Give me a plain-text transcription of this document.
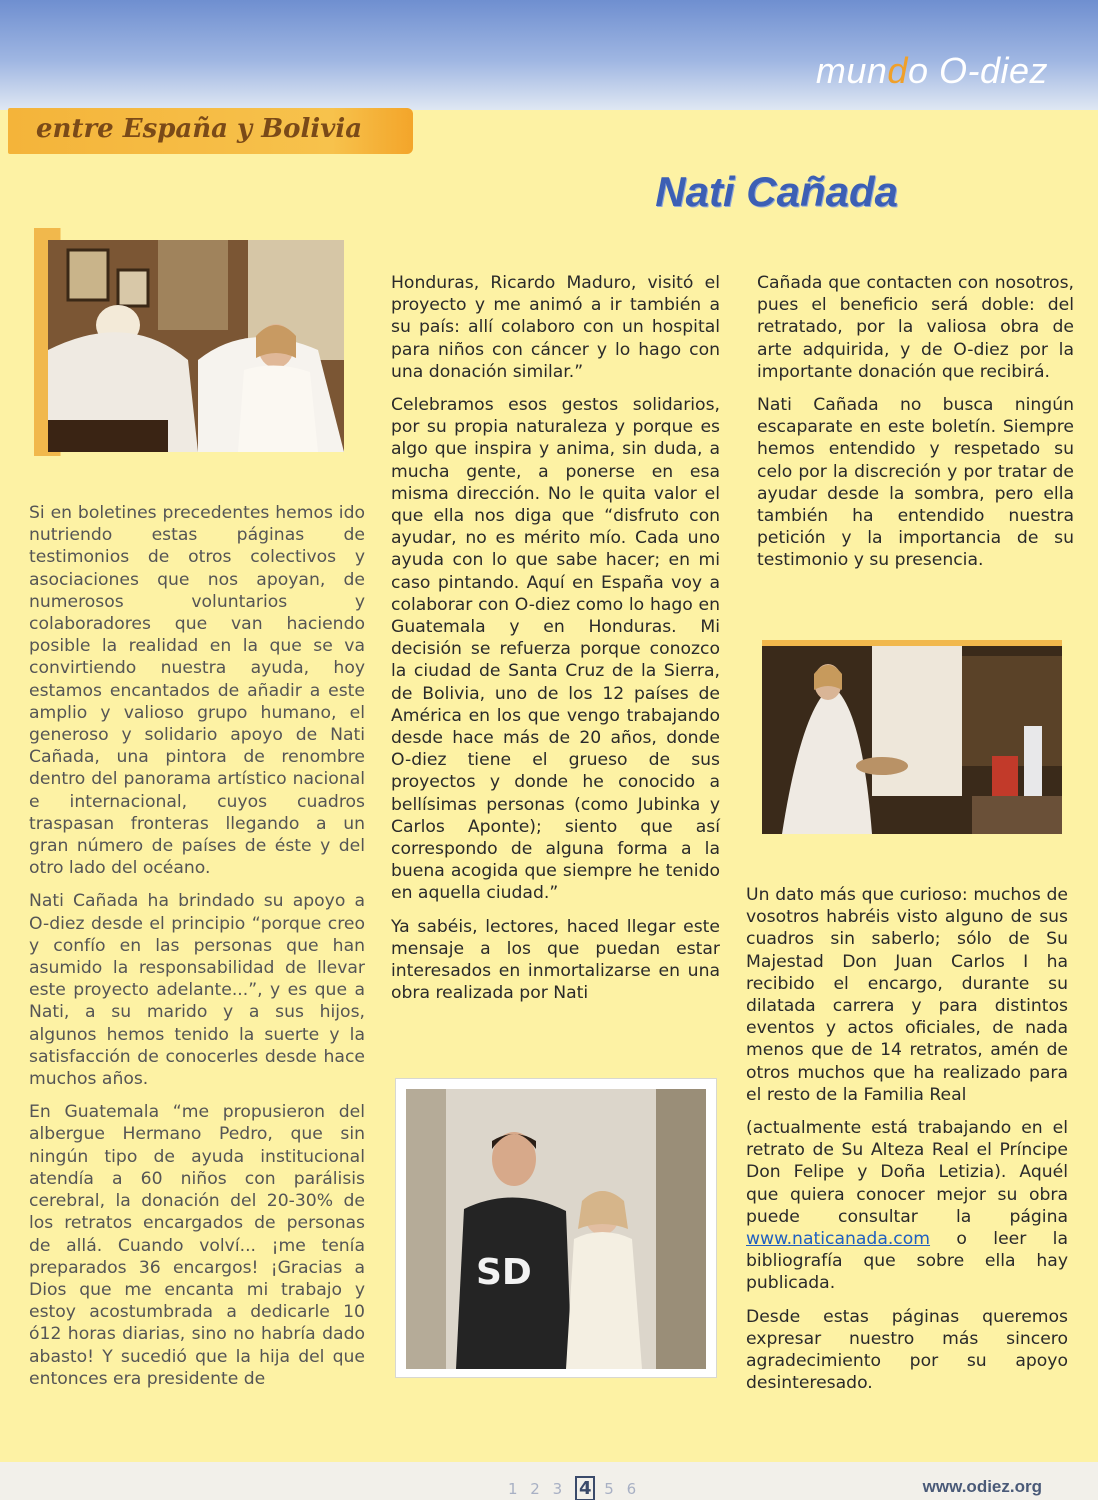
mundo O-diez
entre España y Bolivia
Nati Cañada

Si en boletines precedentes hemos ido nutriendo estas páginas de testimonios de otros colectivos y asociaciones que nos apoyan, de numerosos voluntarios y colaboradores que van haciendo posible la realidad en la que se va convirtiendo nuestra ayuda, hoy estamos encantados de añadir a este amplio y valioso grupo humano, el generoso y solidario apoyo de Nati Cañada, una pintora de renombre dentro del panorama artístico nacional e internacional, cuyos cuadros traspasan fronteras llegando a un gran número de países de éste y del otro lado del océano.

Nati Cañada ha brindado su apoyo a O-diez desde el principio “porque creo y confío en las personas que han asumido la responsabilidad de llevar este proyecto adelante...”, y es que a Nati, a su marido y a sus hijos, algunos hemos tenido la suerte y la satisfacción de conocerles desde hace muchos años.

En Guatemala “me propusieron del albergue Hermano Pedro, que sin ningún tipo de ayuda institucional atendía a 60 niños con parálisis cerebral, la donación del 20-30% de los retratos encargados de personas de allá. Cuando volví... ¡me tenía preparados 36 encargos! ¡Gracias a Dios que me encanta mi trabajo y estoy acostumbrada a dedicarle 10 ó12 horas diarias, sino no habría dado abasto! Y sucedió que la hija del que entonces era presidente de

Honduras, Ricardo Maduro, visitó el proyecto y me animó a ir también a su país: allí colaboro con un hospital para niños con cáncer y lo hago con una donación similar.”

Celebramos esos gestos solidarios, por su propia naturaleza y porque es algo que inspira y anima, sin duda, a mucha gente, a ponerse en esa misma dirección. No le quita valor el que ella nos diga que “disfruto con ayudar, no es mérito mío. Cada uno ayuda con lo que sabe hacer; en mi caso pintando. Aquí en España voy a colaborar con O-diez como lo hago en Guatemala y en Honduras. Mi decisión se refuerza porque conozco la ciudad de Santa Cruz de la Sierra, de Bolivia, uno de los 12 países de América en los que vengo trabajando desde hace más de 20 años, donde O-diez tiene el grueso de sus proyectos y donde he conocido a bellísimas personas (como Jubinka y Carlos Aponte); siento que así correspondo de alguna forma a la buena acogida que siempre he tenido en aquella ciudad.”

Ya sabéis, lectores, haced llegar este mensaje a los que puedan estar interesados en inmortalizarse en una obra realizada por Nati

Cañada que contacten con nosotros, pues el beneficio será doble: del retratado, por la valiosa obra de arte adquirida, y de O-diez por la importante donación que recibirá.

Nati Cañada no busca ningún escaparate en este boletín. Siempre hemos entendido y respetado su celo por la discreción y por tratar de ayudar desde la sombra, pero ella también ha entendido nuestra petición y la importancia de su testimonio y su presencia.

Un dato más que curioso: muchos de vosotros habréis visto alguno de sus cuadros sin saberlo; sólo de Su Majestad Don Juan Carlos I ha recibido el encargo, durante su dilatada carrera y para distintos eventos y actos oficiales, de nada menos que de 14 retratos, amén de otros muchos que ha realizado para el resto de la Familia Real

(actualmente está trabajando en el retrato de Su Alteza Real el Príncipe Don Felipe y Doña Letizia). Aquél que quiera conocer mejor su obra puede consultar la página www.naticanada.com o leer la bibliografía que sobre ella hay publicada.

Desde estas páginas queremos expresar nuestro más sincero agradecimiento por su apoyo desinteresado.

SD
1 2 3 4 5 6	www.odiez.org
